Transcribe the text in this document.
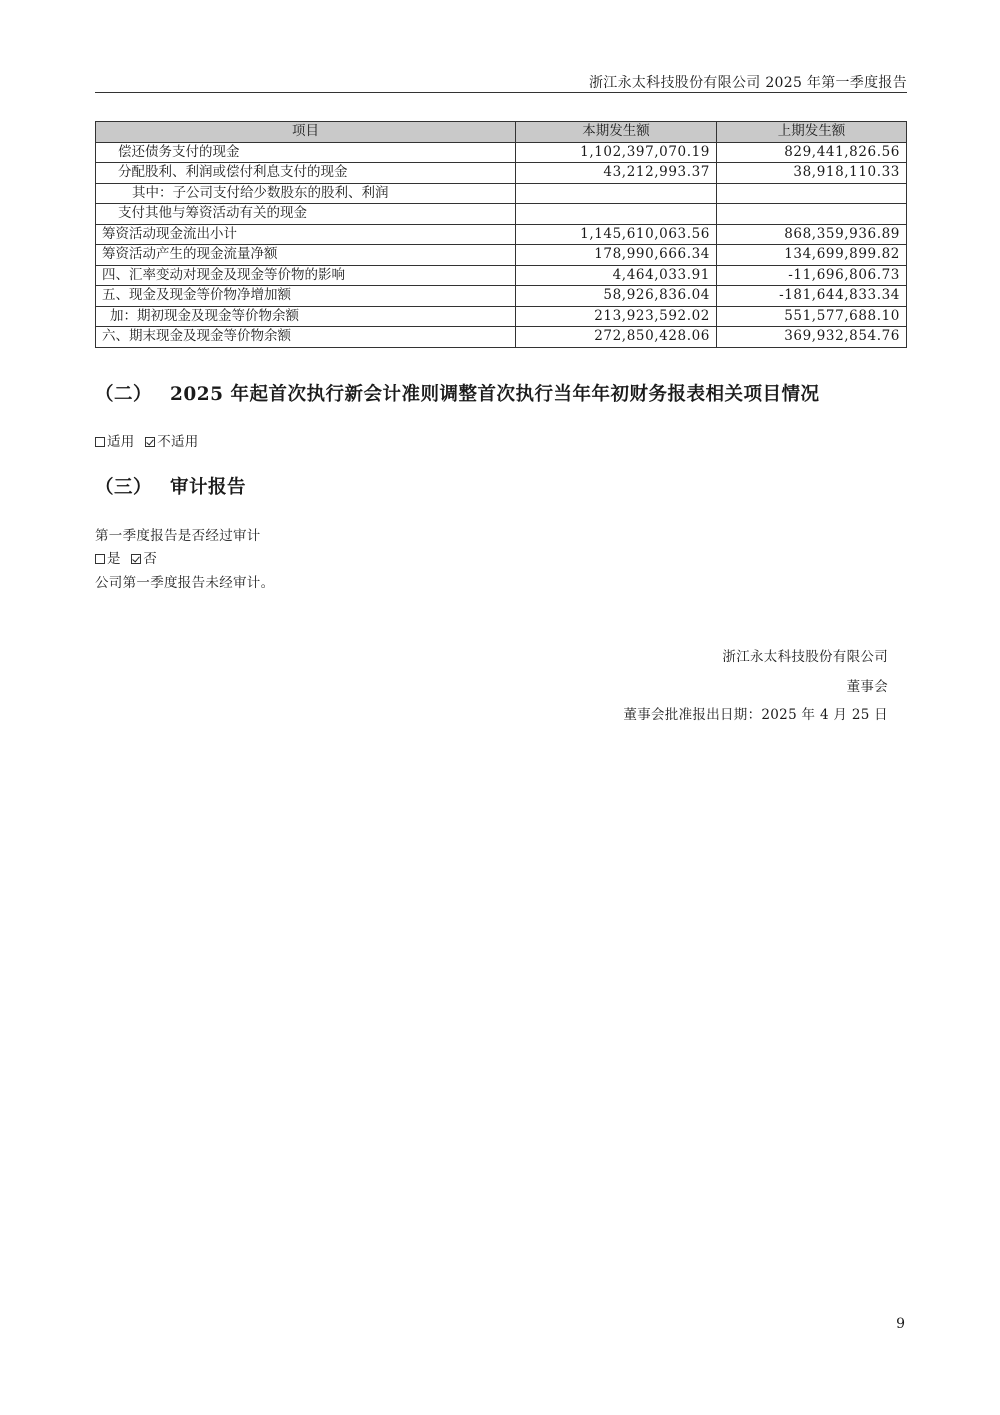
浙江永太科技股份有限公司 2025 年第一季度报告
项目	本期发生额	上期发生额
偿还债务支付的现金	1,102,397,070.19	829,441,826.56
分配股利、利润或偿付利息支付的现金	43,212,993.37	38,918,110.33
其中：子公司支付给少数股东的股利、利润		
支付其他与筹资活动有关的现金		
筹资活动现金流出小计	1,145,610,063.56	868,359,936.89
筹资活动产生的现金流量净额	178,990,666.34	134,699,899.82
四、汇率变动对现金及现金等价物的影响	4,464,033.91	-11,696,806.73
五、现金及现金等价物净增加额	58,926,836.04	-181,644,833.34
加：期初现金及现金等价物余额	213,923,592.02	551,577,688.10
六、期末现金及现金等价物余额	272,850,428.06	369,932,854.76
（二） 2025 年起首次执行新会计准则调整首次执行当年年初财务报表相关项目情况
适用 不适用
（三） 审计报告
第一季度报告是否经过审计
是 否
公司第一季度报告未经审计。
浙江永太科技股份有限公司
董事会
董事会批准报出日期：2025 年 4 月 25 日
9
